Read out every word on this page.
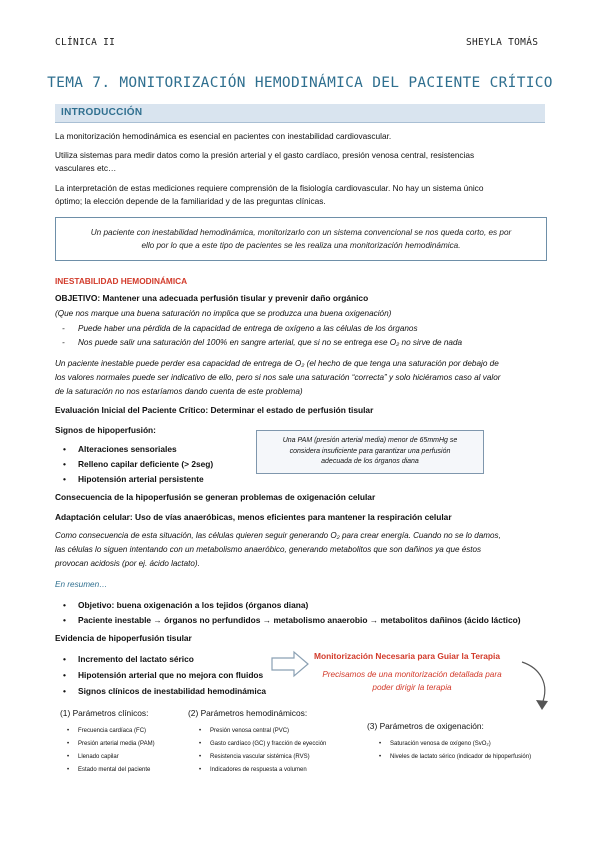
CLÍNICA II	SHEYLA TOMÁS
TEMA 7. MONITORIZACIÓN HEMODINÁMICA DEL PACIENTE CRÍTICO
INTRODUCCIÓN
La monitorización hemodinámica es esencial en pacientes con inestabilidad cardiovascular.
Utiliza sistemas para medir datos como la presión arterial y el gasto cardíaco, presión venosa central, resistencias
vasculares etc…
La interpretación de estas mediciones requiere comprensión de la fisiología cardiovascular. No hay un sistema único
óptimo; la elección depende de la familiaridad y de las preguntas clínicas.
Un paciente con inestabilidad hemodinámica, monitorizarlo con un sistema convencional se nos queda corto, es por
ello por lo que a este tipo de pacientes se les realiza una monitorización hemodinámica.
INESTABILIDAD HEMODINÁMICA
OBJETIVO: Mantener una adecuada perfusión tisular y prevenir daño orgánico
(Que nos marque una buena saturación no implica que se produzca una buena oxigenación)
- Puede haber una pérdida de la capacidad de entrega de oxígeno a las células de los órganos
- Nos puede salir una saturación del 100% en sangre arterial, que si no se entrega ese O₂ no sirve de nada
Un paciente inestable puede perder esa capacidad de entrega de O₂ (el hecho de que tenga una saturación por debajo de
los valores normales puede ser indicativo de ello, pero si nos sale una saturación “correcta” y solo hiciéramos caso al valor
de la saturación no nos estaríamos dando cuenta de este problema)
Evaluación Inicial del Paciente Crítico: Determinar el estado de perfusión tisular
Signos de hipoperfusión:
• Alteraciones sensoriales
• Relleno capilar deficiente (> 2seg)
• Hipotensión arterial persistente
Una PAM (presión arterial media) menor de 65mmHg se
considera insuficiente para garantizar una perfusión
adecuada de los órganos diana
Consecuencia de la hipoperfusión se generan problemas de oxigenación celular
Adaptación celular: Uso de vías anaeróbicas, menos eficientes para mantener la respiración celular
Como consecuencia de esta situación, las células quieren seguir generando O₂ para crear energía. Cuando no se lo damos,
las células lo siguen intentando con un metabolismo anaeróbico, generando metabolitos que son dañinos ya que éstos
provocan acidosis (por ej. ácido lactato).
En resumen…
• Objetivo: buena oxigenación a los tejidos (órganos diana)
• Paciente inestable → órganos no perfundidos → metabolismo anaerobio → metabolitos dañinos (ácido láctico)
Evidencia de hipoperfusión tisular
• Incremento del lactato sérico
• Hipotensión arterial que no mejora con fluidos
• Signos clínicos de inestabilidad hemodinámica
Monitorización Necesaria para Guiar la Terapia
Precisamos de una monitorización detallada para
poder dirigir la terapia
(1) Parámetros clínicos:
• Frecuencia cardíaca (FC)
• Presión arterial media (PAM)
• Llenado capilar
• Estado mental del paciente
(2) Parámetros hemodinámicos:
• Presión venosa central (PVC)
• Gasto cardíaco (GC) y fracción de eyección
• Resistencia vascular sistémica (RVS)
• Indicadores de respuesta a volumen
(3) Parámetros de oxigenación:
• Saturación venosa de oxígeno (SvO₂)
• Niveles de lactato sérico (indicador de hipoperfusión)
